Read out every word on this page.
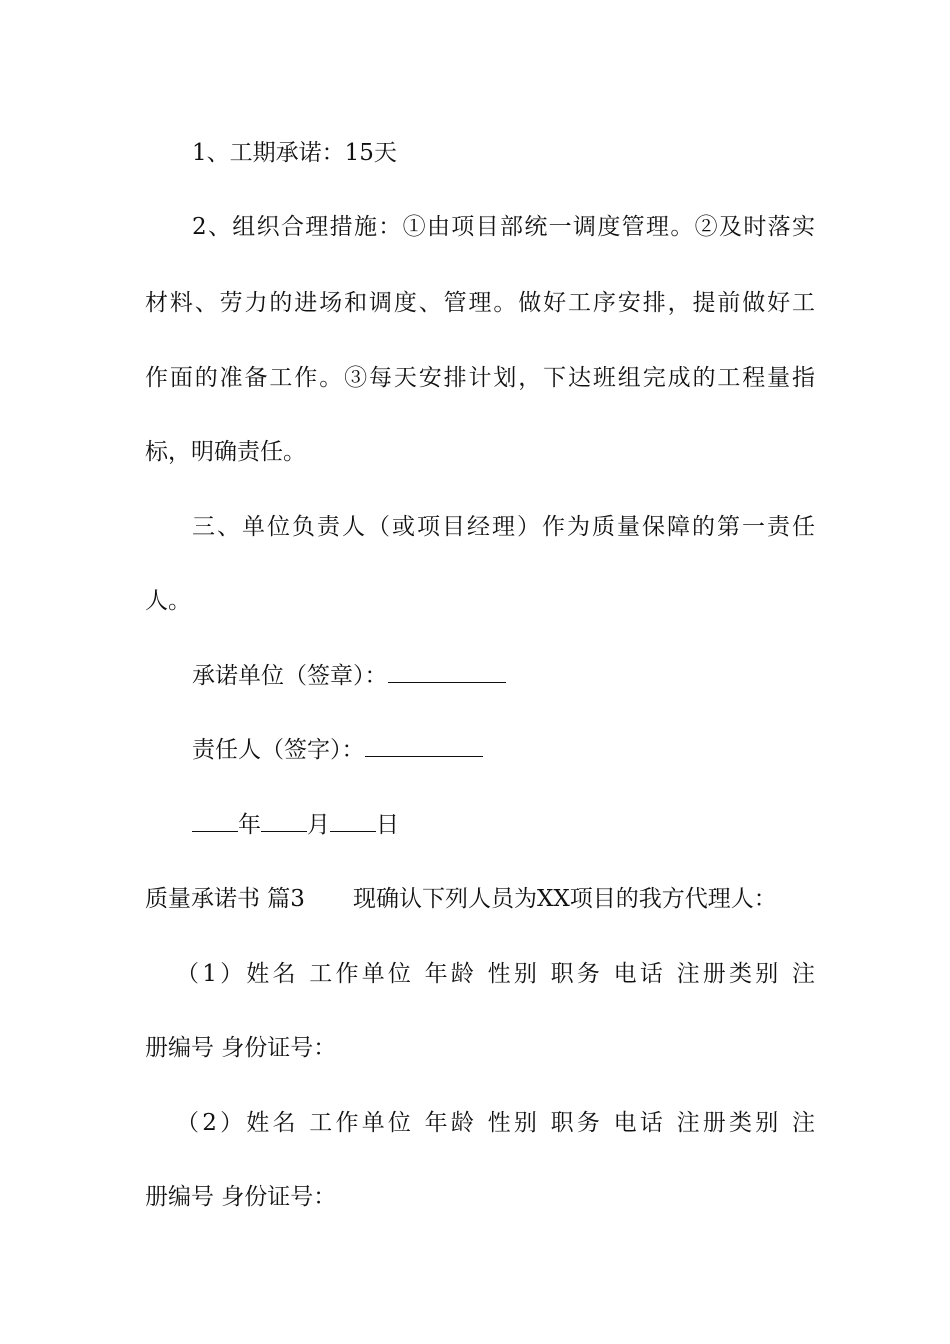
1、工期承诺：15天
2、组织合理措施：①由项目部统一调度管理。②及时落实
材料、劳力的进场和调度、管理。做好工序安排，提前做好工
作面的准备工作。③每天安排计划，下达班组完成的工程量指
标，明确责任。
三、单位负责人（或项目经理）作为质量保障的第一责任
人。
承诺单位（签章）：
责任人（签字）：
年 月 日
质量承诺书 篇3 现确认下列人员为XX项目的我方代理人：
（1）姓名 工作单位 年龄 性别 职务 电话 注册类别 注
册编号 身份证号：
（2）姓名 工作单位 年龄 性别 职务 电话 注册类别 注
册编号 身份证号：
